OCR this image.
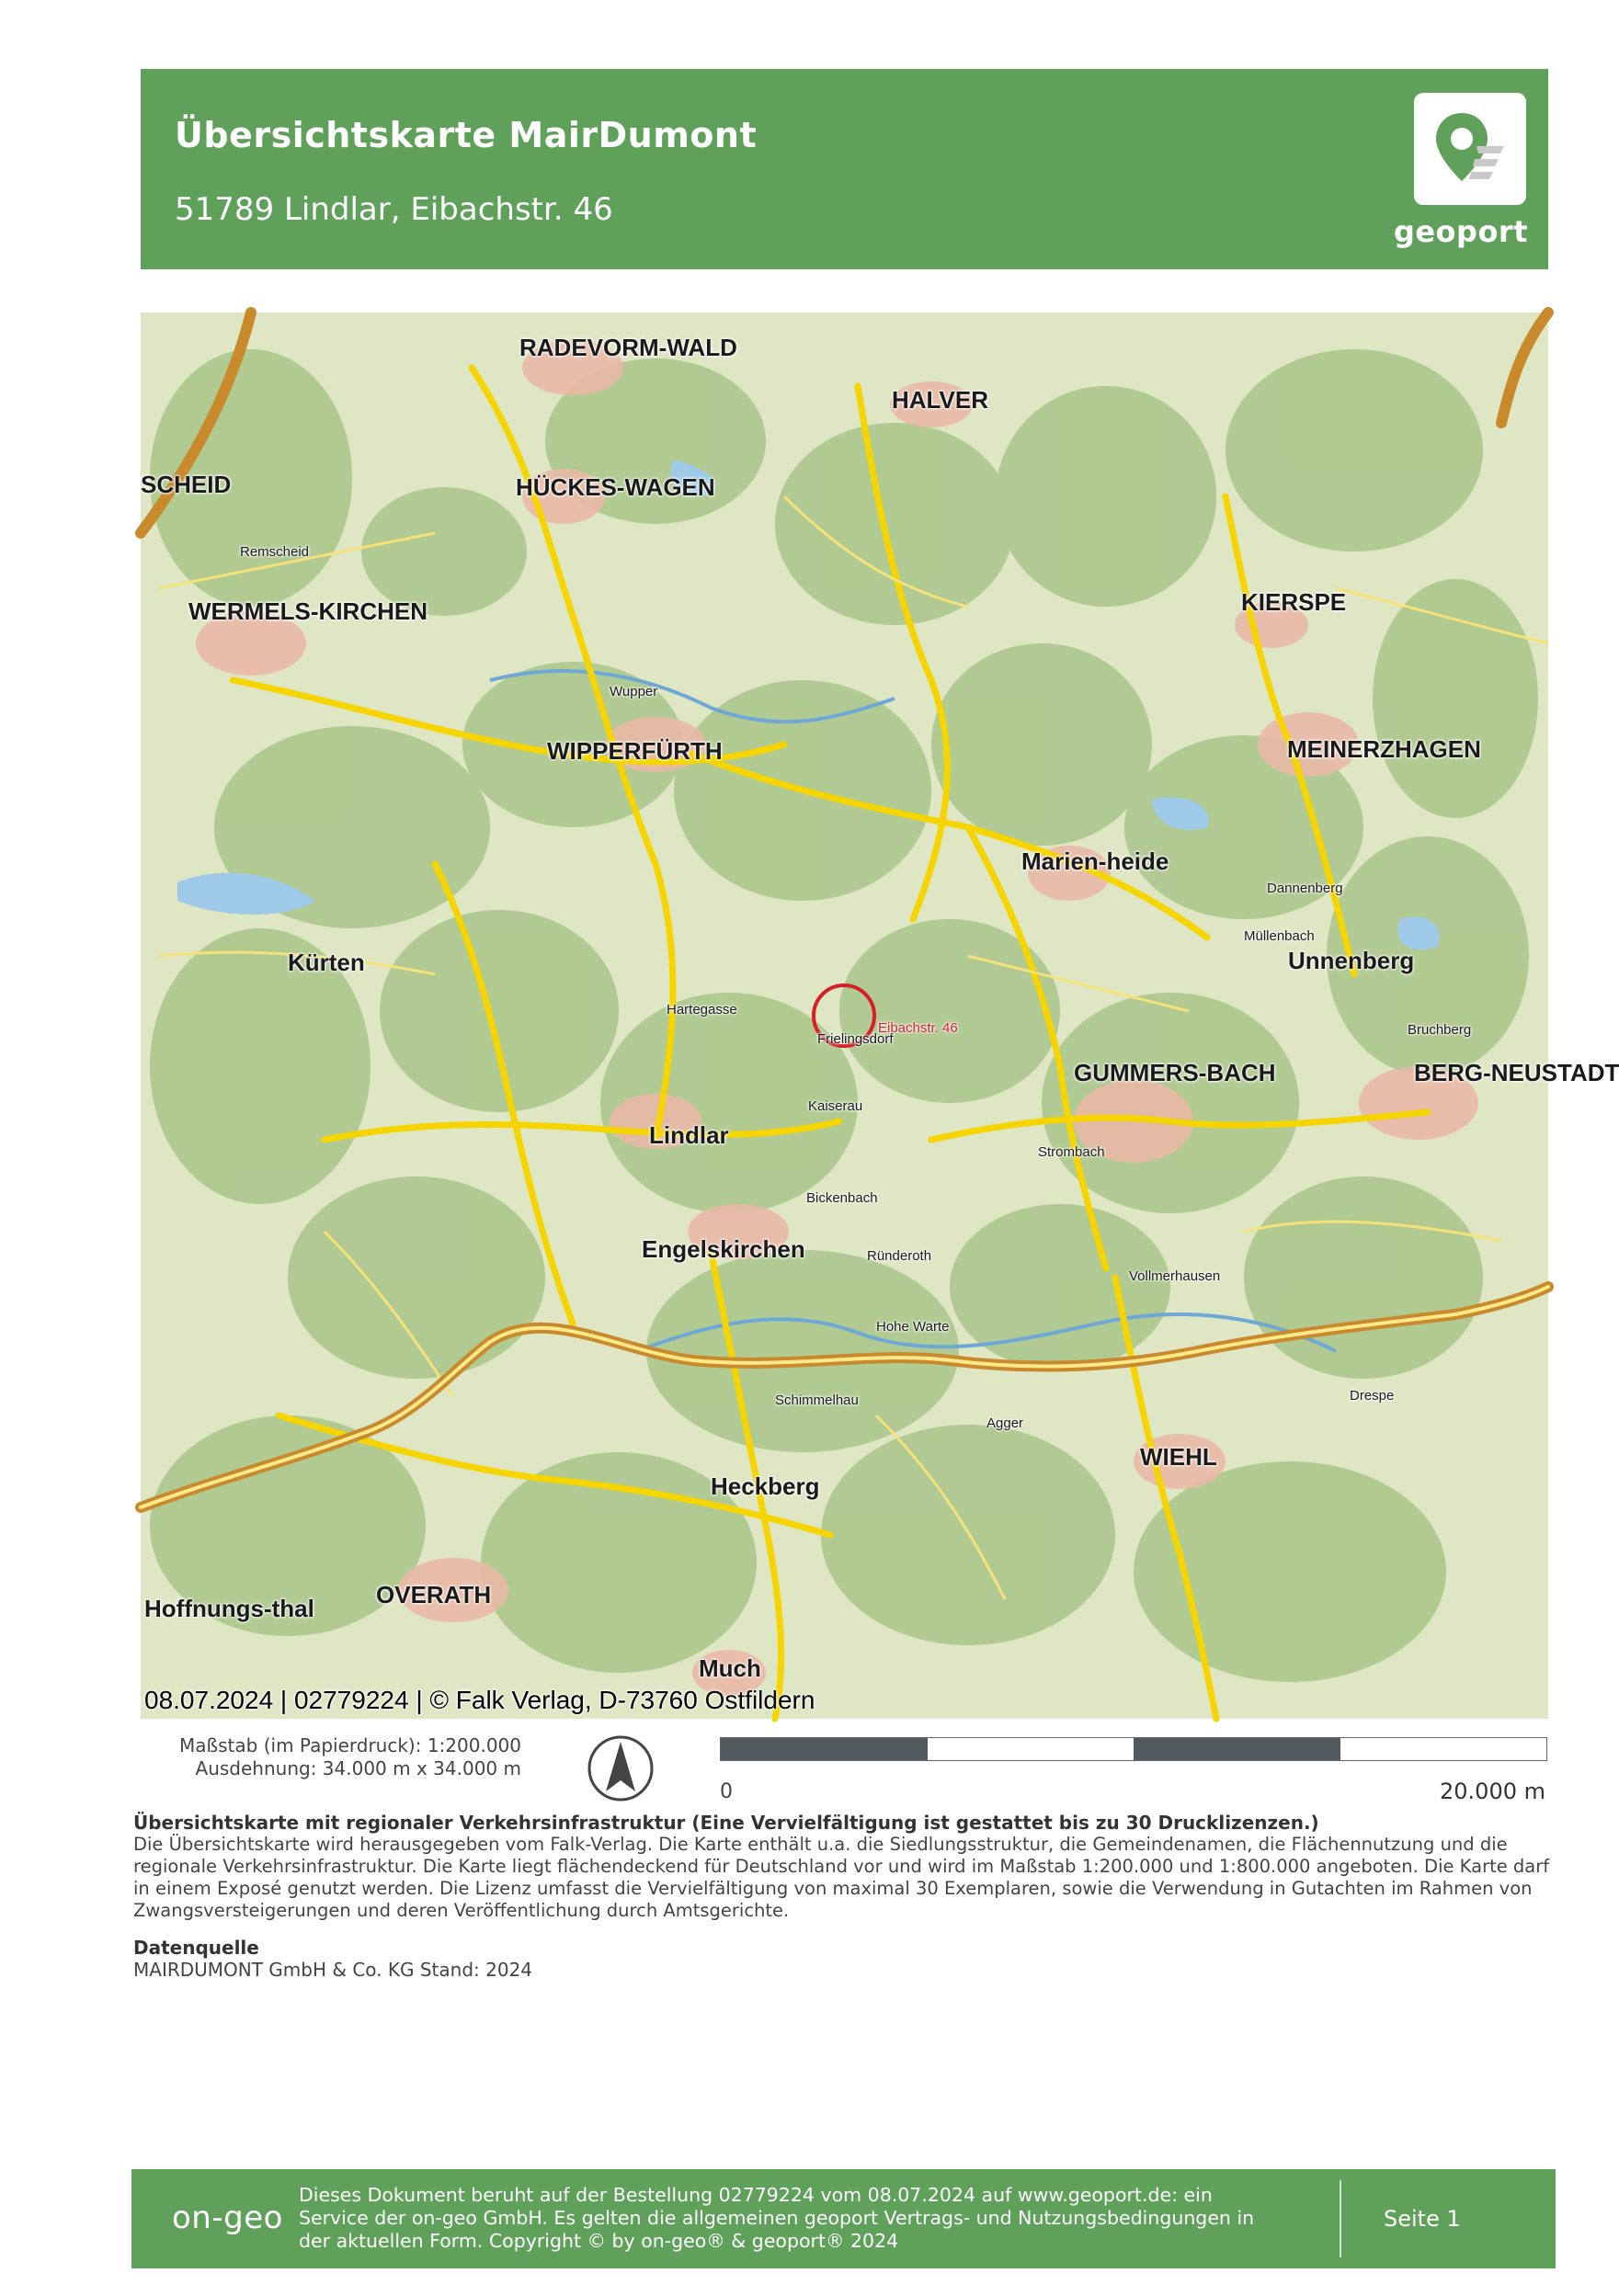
Übersichtskarte MairDumont
51789 Lindlar, Eibachstr. 46
geoport
RADEVORM-WALD
HALVER
HÜCKES-WAGEN
WERMELS-KIRCHEN	KIERSPE
WIPPERFÜRTH	MEINERZHAGEN
Marien-heide
Kürten
Lindlar
GUMMERS-BACH	BERG-NEUSTADT
Engelskirchen
WIEHL
OVERATH
Much
Hoffnungs-thal
SCHEID
Unnenberg
Heckberg
Hartegasse
Frielingsdorf
Kaiserau
Hohe Warte
Dannenberg
Bruchberg
Drespe
Bickenbach
Ründeroth
Schimmelhau
Müllenbach
Remscheid
Agger
Wupper
Strombach
Vollmerhausen
Eibachstr. 46
08.07.2024 | 02779224 | © Falk Verlag, D-73760 Ostfildern
Maßstab (im Papierdruck): 1:200.000
Ausdehnung: 34.000 m x 34.000 m
0	20.000 m
Übersichtskarte mit regionaler Verkehrsinfrastruktur (Eine Vervielfältigung ist gestattet bis zu 30 Drucklizenzen.)
Die Übersichtskarte wird herausgegeben vom Falk-Verlag. Die Karte enthält u.a. die Siedlungsstruktur, die Gemeindenamen, die Flächennutzung und die regionale Verkehrsinfrastruktur. Die Karte liegt flächendeckend für Deutschland vor und wird im Maßstab 1:200.000 und 1:800.000 angeboten. Die Karte darf in einem Exposé genutzt werden. Die Lizenz umfasst die Vervielfältigung von maximal 30 Exemplaren, sowie die Verwendung in Gutachten im Rahmen von Zwangsversteigerungen und deren Veröffentlichung durch Amtsgerichte.
Datenquelle
MAIRDUMONT GmbH & Co. KG Stand: 2024
on-geo
Dieses Dokument beruht auf der Bestellung 02779224 vom 08.07.2024 auf www.geoport.de: ein Service der on-geo GmbH. Es gelten die allgemeinen geoport Vertrags- und Nutzungsbedingungen in der aktuellen Form. Copyright © by on-geo® & geoport® 2024
Seite 1
